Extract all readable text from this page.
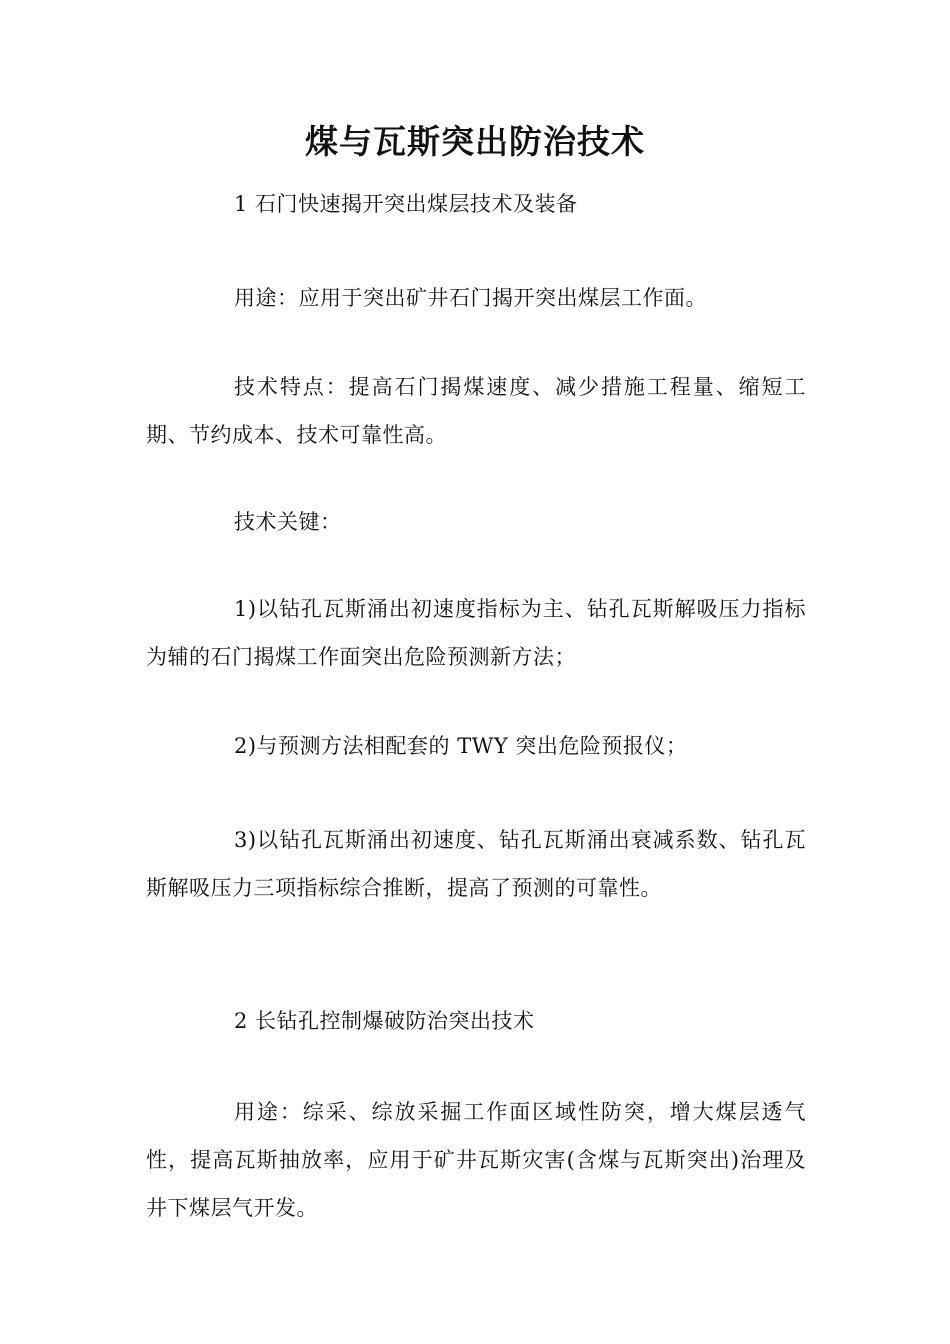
煤与瓦斯突出防治技术
1 石门快速揭开突出煤层技术及装备
用途：应用于突出矿井石门揭开突出煤层工作面。
技术特点：提高石门揭煤速度、减少措施工程量、缩短工期、节约成本、技术可靠性高。
技术关键：
1)以钻孔瓦斯涌出初速度指标为主、钻孔瓦斯解吸压力指标为辅的石门揭煤工作面突出危险预测新方法；
2)与预测方法相配套的 TWY 突出危险预报仪；
3)以钻孔瓦斯涌出初速度、钻孔瓦斯涌出衰减系数、钻孔瓦斯解吸压力三项指标综合推断，提高了预测的可靠性。
2 长钻孔控制爆破防治突出技术
用途：综采、综放采掘工作面区域性防突，增大煤层透气性，提高瓦斯抽放率，应用于矿井瓦斯灾害(含煤与瓦斯突出)治理及井下煤层气开发。
